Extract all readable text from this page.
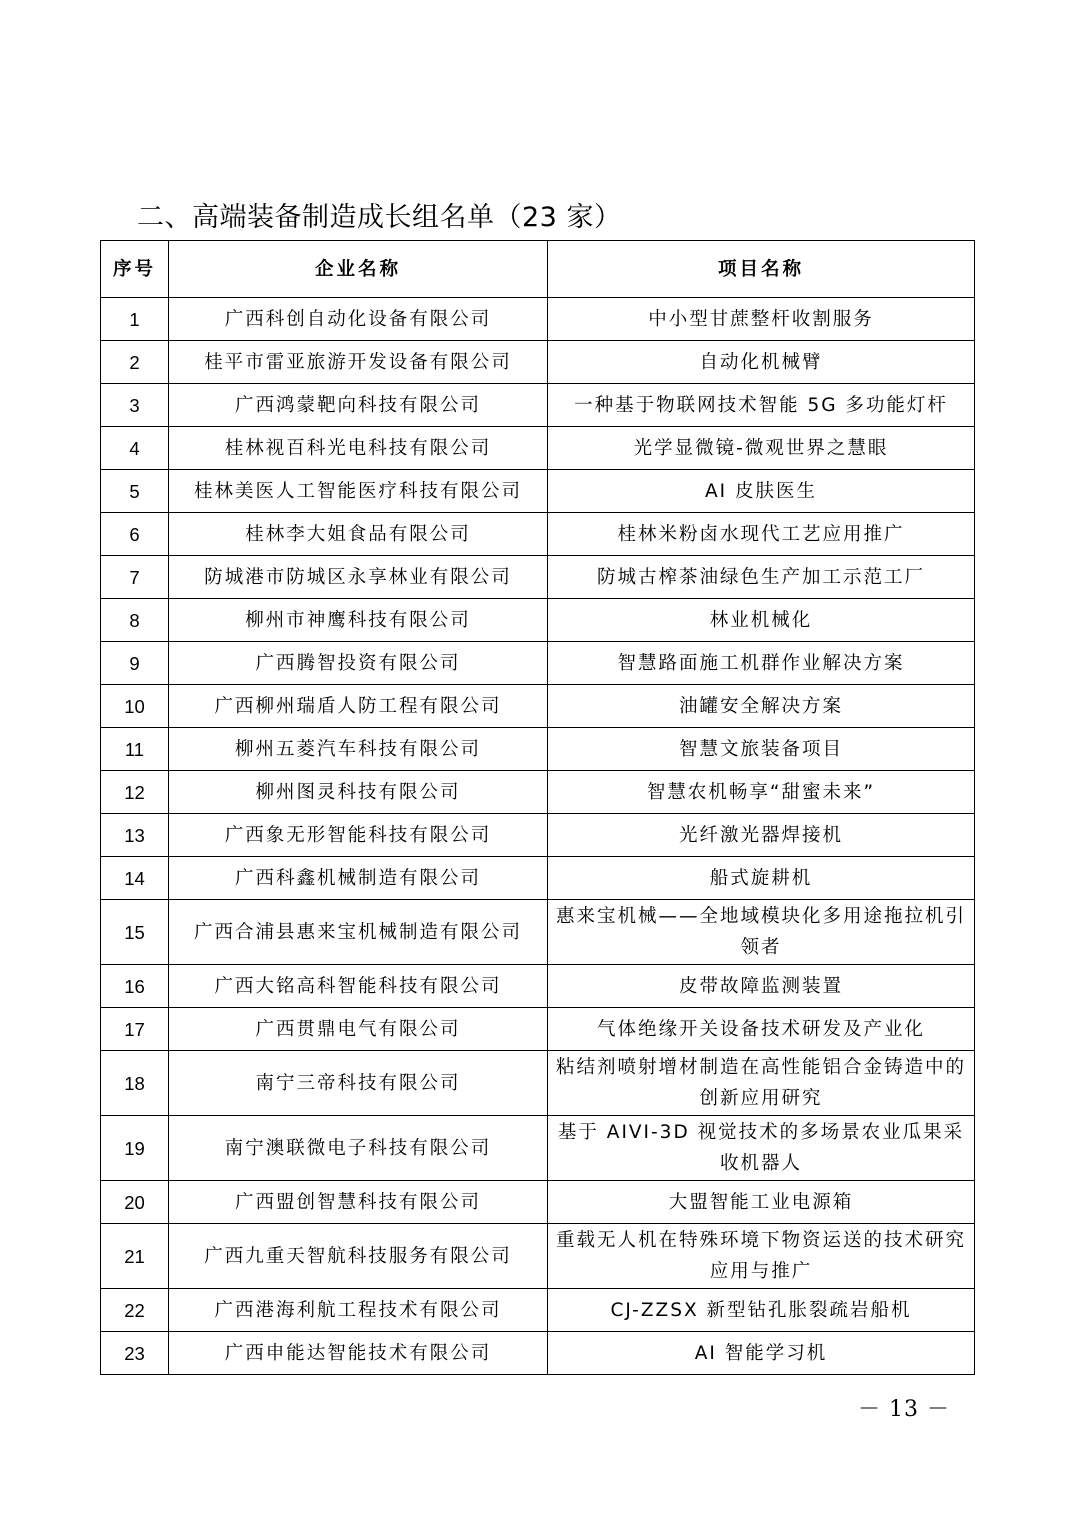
二、高端装备制造成长组名单（23 家）
序号	企业名称	项目名称
1	广西科创自动化设备有限公司	中小型甘蔗整杆收割服务
2	桂平市雷亚旅游开发设备有限公司	自动化机械臂
3	广西鸿蒙靶向科技有限公司	一种基于物联网技术智能 5G 多功能灯杆
4	桂林视百科光电科技有限公司	光学显微镜-微观世界之慧眼
5	桂林美医人工智能医疗科技有限公司	AI 皮肤医生
6	桂林李大姐食品有限公司	桂林米粉卤水现代工艺应用推广
7	防城港市防城区永享林业有限公司	防城古榨茶油绿色生产加工示范工厂
8	柳州市神鹰科技有限公司	林业机械化
9	广西腾智投资有限公司	智慧路面施工机群作业解决方案
10	广西柳州瑞盾人防工程有限公司	油罐安全解决方案
11	柳州五菱汽车科技有限公司	智慧文旅装备项目
12	柳州图灵科技有限公司	智慧农机畅享“甜蜜未来”
13	广西象无形智能科技有限公司	光纤激光器焊接机
14	广西科鑫机械制造有限公司	船式旋耕机
15	广西合浦县惠来宝机械制造有限公司	惠来宝机械——全地域模块化多用途拖拉机引领者
16	广西大铭高科智能科技有限公司	皮带故障监测装置
17	广西贯鼎电气有限公司	气体绝缘开关设备技术研发及产业化
18	南宁三帝科技有限公司	粘结剂喷射增材制造在高性能铝合金铸造中的创新应用研究
19	南宁澳联微电子科技有限公司	基于 AIVI-3D 视觉技术的多场景农业瓜果采收机器人
20	广西盟创智慧科技有限公司	大盟智能工业电源箱
21	广西九重天智航科技服务有限公司	重载无人机在特殊环境下物资运送的技术研究应用与推广
22	广西港海利航工程技术有限公司	CJ-ZZSX 新型钻孔胀裂疏岩船机
23	广西申能达智能技术有限公司	AI 智能学习机
－ 13 －
